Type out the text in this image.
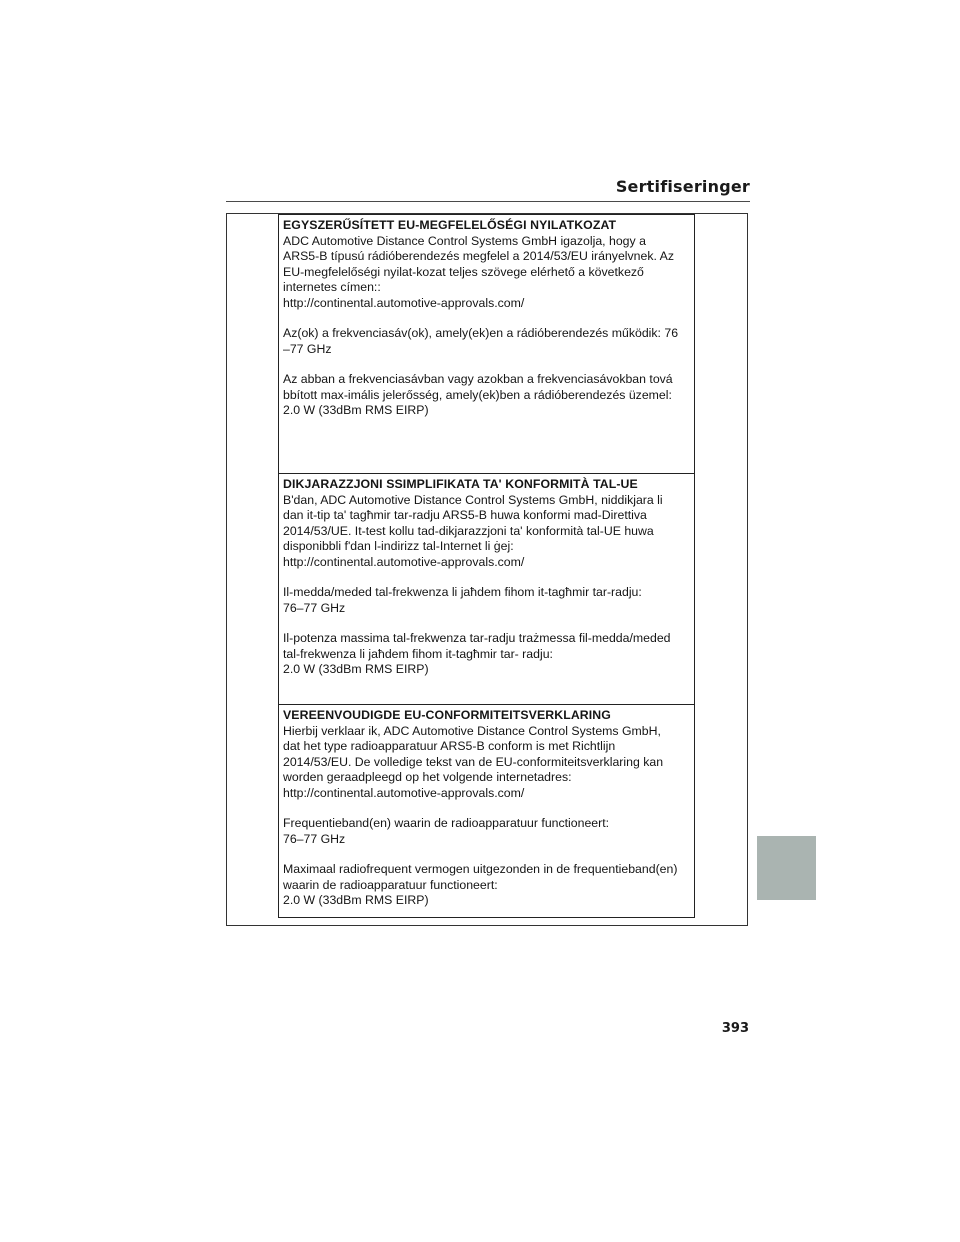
Sertifiseringer
EGYSZERŰSÍTETT EU-MEGFELELŐSÉGI NYILATKOZAT

ADC Automotive Distance Control Systems GmbH igazolja, hogy a

ARS5-B típusú rádióberendezés megfelel a 2014/53/EU irányelvnek. Az

EU-megfelelőségi nyilat-kozat teljes szövege elérhető a következő

internetes címen::

http://continental.automotive-approvals.com/

Az(ok) a frekvenciasáv(ok), amely(ek)en a rádióberendezés működik: 76

–77 GHz

Az abban a frekvenciasávban vagy azokban a frekvenciasávokban tová

bbított max-imális jelerősség, amely(ek)ben a rádióberendezés üzemel:

2.0 W (33dBm RMS EIRP)

DIKJARAZZJONI SSIMPLIFIKATA TA' KONFORMITÀ TAL-UE

B'dan, ADC Automotive Distance Control Systems GmbH, niddikjara li

dan it-tip ta' tagħmir tar-radju ARS5-B huwa konformi mad-Direttiva

2014/53/UE. It-test kollu tad-dikjarazzjoni ta' konformità tal-UE huwa

disponibbli f'dan l-indirizz tal-Internet li ġej:

http://continental.automotive-approvals.com/

Il-medda/meded tal-frekwenza li jaħdem fihom it-tagħmir tar-radju:

76–77 GHz

Il-potenza massima tal-frekwenza tar-radju trażmessa fil-medda/meded

tal-frekwenza li jaħdem fihom it-tagħmir tar- radju:

2.0 W (33dBm RMS EIRP)

VEREENVOUDIGDE EU-CONFORMITEITSVERKLARING

Hierbij verklaar ik, ADC Automotive Distance Control Systems GmbH,

dat het type radioapparatuur ARS5-B conform is met Richtlijn

2014/53/EU. De volledige tekst van de EU-conformiteitsverklaring kan

worden geraadpleegd op het volgende internetadres:

http://continental.automotive-approvals.com/

Frequentieband(en) waarin de radioapparatuur functioneert:

76–77 GHz

Maximaal radiofrequent vermogen uitgezonden in de frequentieband(en)

waarin de radioapparatuur functioneert:

2.0 W (33dBm RMS EIRP)

393
